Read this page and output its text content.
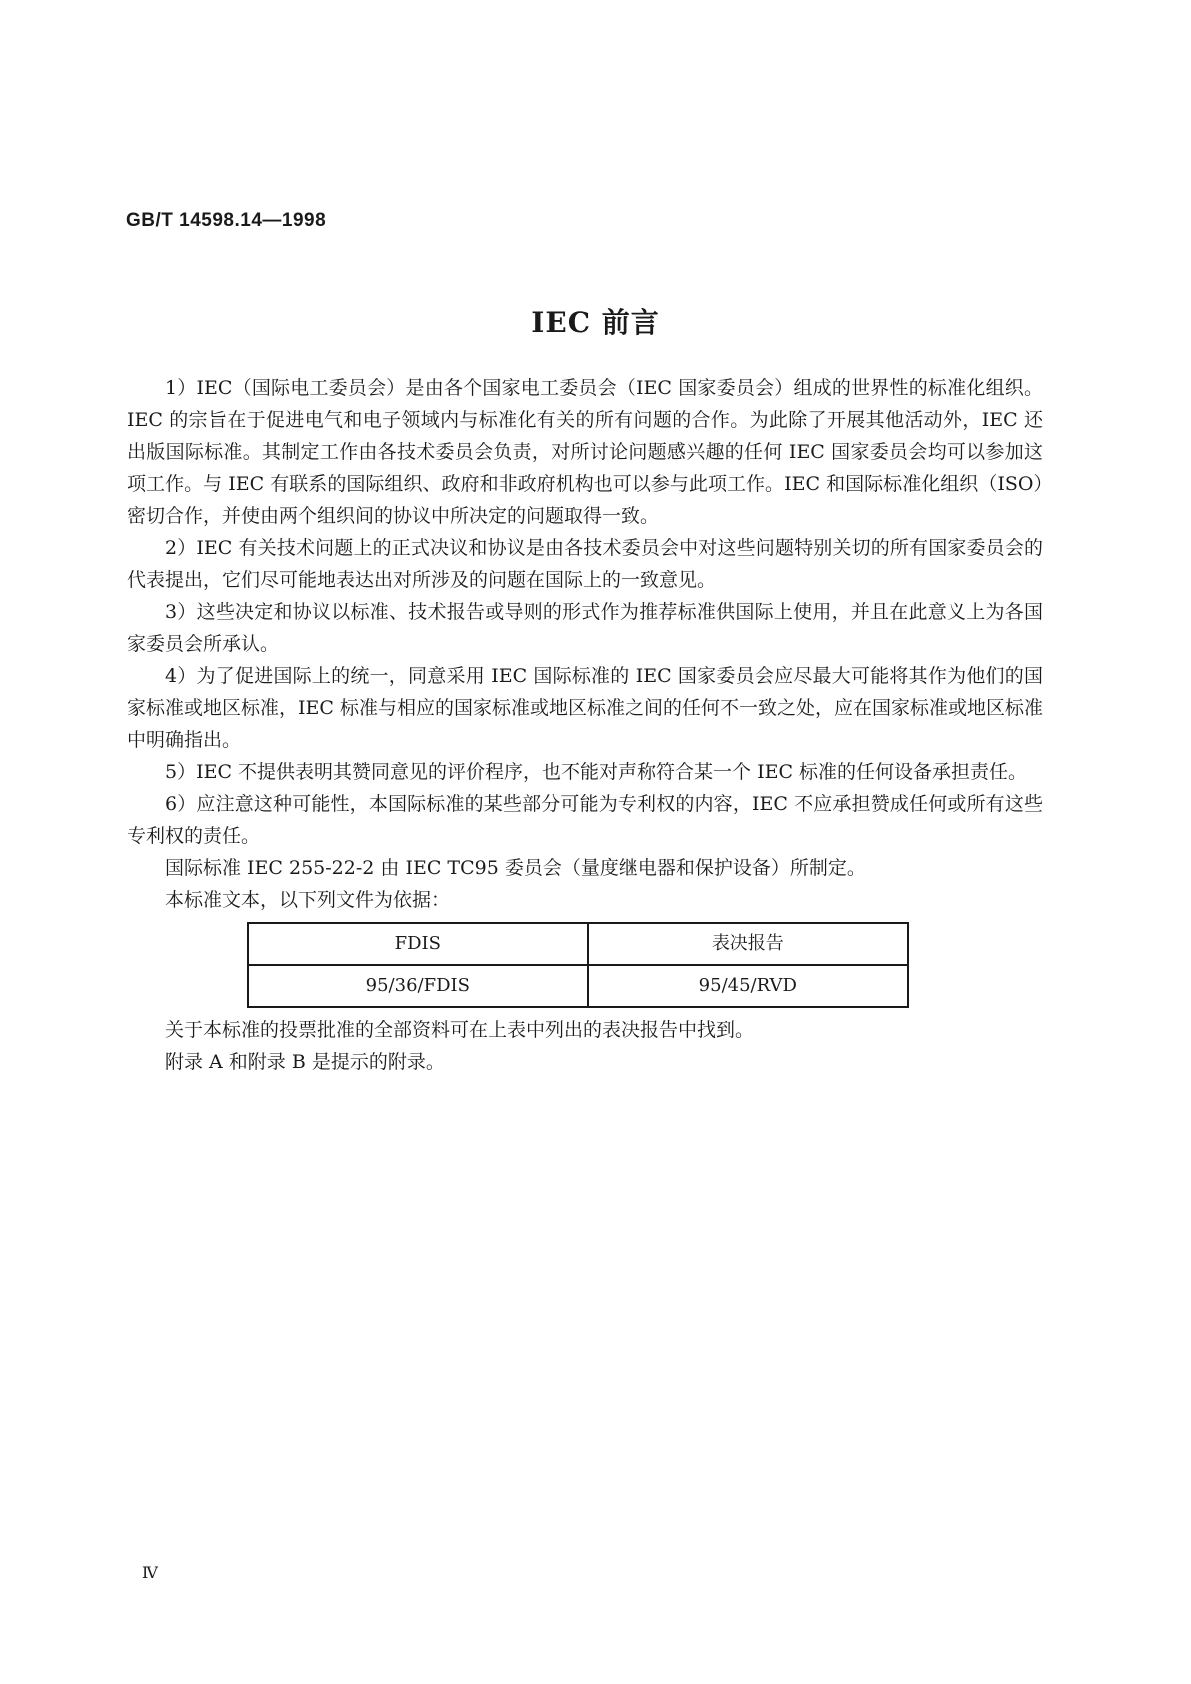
GB/T 14598.14—1998
IEC 前言

1）IEC（国际电工委员会）是由各个国家电工委员会（IEC 国家委员会）组成的世界性的标准化组织。IEC 的宗旨在于促进电气和电子领域内与标准化有关的所有问题的合作。为此除了开展其他活动外，IEC 还出版国际标准。其制定工作由各技术委员会负责，对所讨论问题感兴趣的任何 IEC 国家委员会均可以参加这项工作。与 IEC 有联系的国际组织、政府和非政府机构也可以参与此项工作。IEC 和国际标准化组织（ISO）密切合作，并使由两个组织间的协议中所决定的问题取得一致。

2）IEC 有关技术问题上的正式决议和协议是由各技术委员会中对这些问题特别关切的所有国家委员会的代表提出，它们尽可能地表达出对所涉及的问题在国际上的一致意见。

3）这些决定和协议以标准、技术报告或导则的形式作为推荐标准供国际上使用，并且在此意义上为各国家委员会所承认。

4）为了促进国际上的统一，同意采用 IEC 国际标准的 IEC 国家委员会应尽最大可能将其作为他们的国家标准或地区标准，IEC 标准与相应的国家标准或地区标准之间的任何不一致之处，应在国家标准或地区标准中明确指出。

5）IEC 不提供表明其赞同意见的评价程序，也不能对声称符合某一个 IEC 标准的任何设备承担责任。

6）应注意这种可能性，本国际标准的某些部分可能为专利权的内容，IEC 不应承担赞成任何或所有这些专利权的责任。

国际标准 IEC 255-22-2 由 IEC TC95 委员会（量度继电器和保护设备）所制定。

本标准文本，以下列文件为依据：

FDIS	表决报告
95/36/FDIS	95/45/RVD

关于本标准的投票批准的全部资料可在上表中列出的表决报告中找到。

附录 A 和附录 B 是提示的附录。

Ⅳ
